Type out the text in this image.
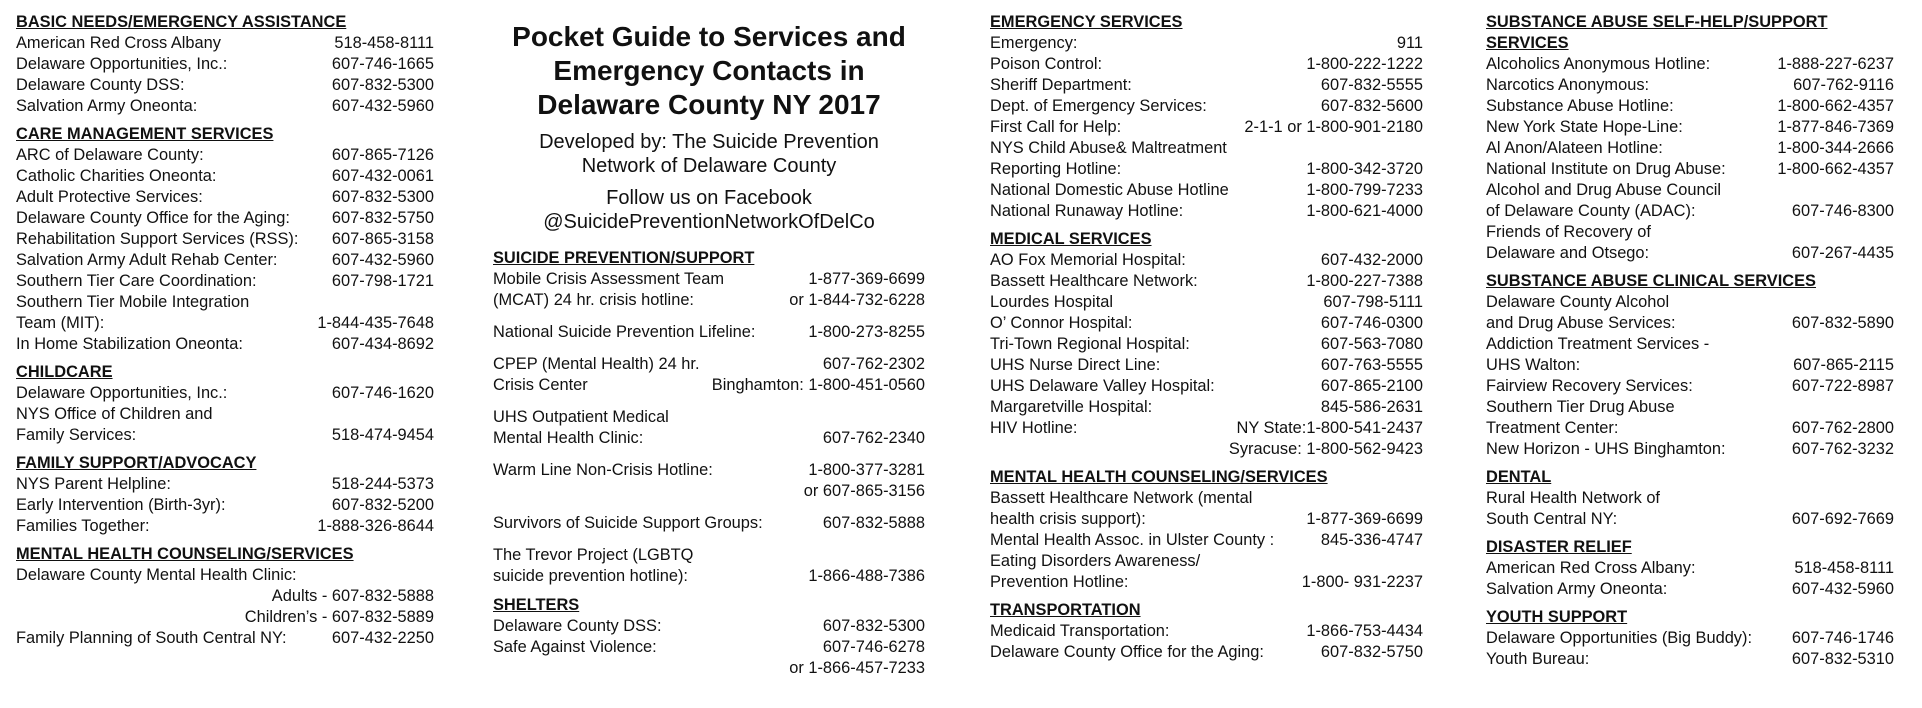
BASIC NEEDS/EMERGENCY ASSISTANCE
American Red Cross Albany	518-458-8111
Delaware Opportunities, Inc.:	607-746-1665
Delaware County DSS:	607-832-5300
Salvation Army Oneonta:	607-432-5960
CARE MANAGEMENT SERVICES
ARC of Delaware County:	607-865-7126
Catholic Charities Oneonta:	607-432-0061
Adult Protective Services:	607-832-5300
Delaware County Office for the Aging:	607-832-5750
Rehabilitation Support Services (RSS): 607-865-3158
Salvation Army Adult Rehab Center:	607-432-5960
Southern Tier Care Coordination:	607-798-1721
Southern Tier Mobile Integration
Team (MIT):	1-844-435-7648
In Home Stabilization Oneonta:	607-434-8692
CHILDCARE
Delaware Opportunities, Inc.:	607-746-1620
NYS Office of Children and
Family Services:	518-474-9454
FAMILY SUPPORT/ADVOCACY
NYS Parent Helpline:	518-244-5373
Early Intervention (Birth-3yr):	607-832-5200
Families Together:	1-888-326-8644
MENTAL HEALTH COUNSELING/SERVICES
Delaware County Mental Health Clinic:
Adults - 607-832-5888
Children’s - 607-832-5889
Family Planning of South Central NY:	607-432-2250
Pocket Guide to Services and
Emergency Contacts in
Delaware County NY 2017
Developed by: The Suicide Prevention
Network of Delaware County
Follow us on Facebook
@SuicidePreventionNetworkOfDelCo
SUICIDE PREVENTION/SUPPORT
Mobile Crisis Assessment Team	1-877-369-6699
(MCAT) 24 hr. crisis hotline:	or 1-844-732-6228
National Suicide Prevention Lifeline:	1-800-273-8255
CPEP (Mental Health) 24 hr.	607-762-2302
Crisis Center	Binghamton: 1-800-451-0560
UHS Outpatient Medical
Mental Health Clinic:	607-762-2340
Warm Line Non-Crisis Hotline:	1-800-377-3281
or 607-865-3156
Survivors of Suicide Support Groups:	607-832-5888
The Trevor Project (LGBTQ
suicide prevention hotline):	1-866-488-7386
SHELTERS
Delaware County DSS:	607-832-5300
Safe Against Violence:	607-746-6278
or 1-866-457-7233
EMERGENCY SERVICES
Emergency:	911
Poison Control:	1-800-222-1222
Sheriff Department:	607-832-5555
Dept. of Emergency Services:	607-832-5600
First Call for Help:	2-1-1 or 1-800-901-2180
NYS Child Abuse& Maltreatment
Reporting Hotline:	1-800-342-3720
National Domestic Abuse Hotline	1-800-799-7233
National Runaway Hotline:	1-800-621-4000
MEDICAL SERVICES
AO Fox Memorial Hospital:	607-432-2000
Bassett Healthcare Network:	1-800-227-7388
Lourdes Hospital	607-798-5111
O’ Connor Hospital:	607-746-0300
Tri-Town Regional Hospital:	607-563-7080
UHS Nurse Direct Line:	607-763-5555
UHS Delaware Valley Hospital:	607-865-2100
Margaretville Hospital:	845-586-2631
HIV Hotline:	NY State:1-800-541-2437
Syracuse: 1-800-562-9423
MENTAL HEALTH COUNSELING/SERVICES
Bassett Healthcare Network (mental
health crisis support):	1-877-369-6699
Mental Health Assoc. in Ulster County :	845-336-4747
Eating Disorders Awareness/
Prevention Hotline:	1-800- 931-2237
TRANSPORTATION
Medicaid Transportation:	1-866-753-4434
Delaware County Office for the Aging:	607-832-5750
SUBSTANCE ABUSE SELF-HELP/SUPPORT
SERVICES
Alcoholics Anonymous Hotline:	1-888-227-6237
Narcotics Anonymous:	607-762-9116
Substance Abuse Hotline:	1-800-662-4357
New York State Hope-Line:	1-877-846-7369
Al Anon/Alateen Hotline:	1-800-344-2666
National Institute on Drug Abuse:	1-800-662-4357
Alcohol and Drug Abuse Council
of Delaware County (ADAC):	607-746-8300
Friends of Recovery of
Delaware and Otsego:	607-267-4435
SUBSTANCE ABUSE CLINICAL SERVICES
Delaware County Alcohol
and Drug Abuse Services:	607-832-5890
Addiction Treatment Services -
UHS Walton:	607-865-2115
Fairview Recovery Services:	607-722-8987
Southern Tier Drug Abuse
Treatment Center:	607-762-2800
New Horizon - UHS Binghamton:	607-762-3232
DENTAL
Rural Health Network of
South Central NY:	607-692-7669
DISASTER RELIEF
American Red Cross Albany:	518-458-8111
Salvation Army Oneonta:	607-432-5960
YOUTH SUPPORT
Delaware Opportunities (Big Buddy): 607-746-1746
Youth Bureau:	607-832-5310
